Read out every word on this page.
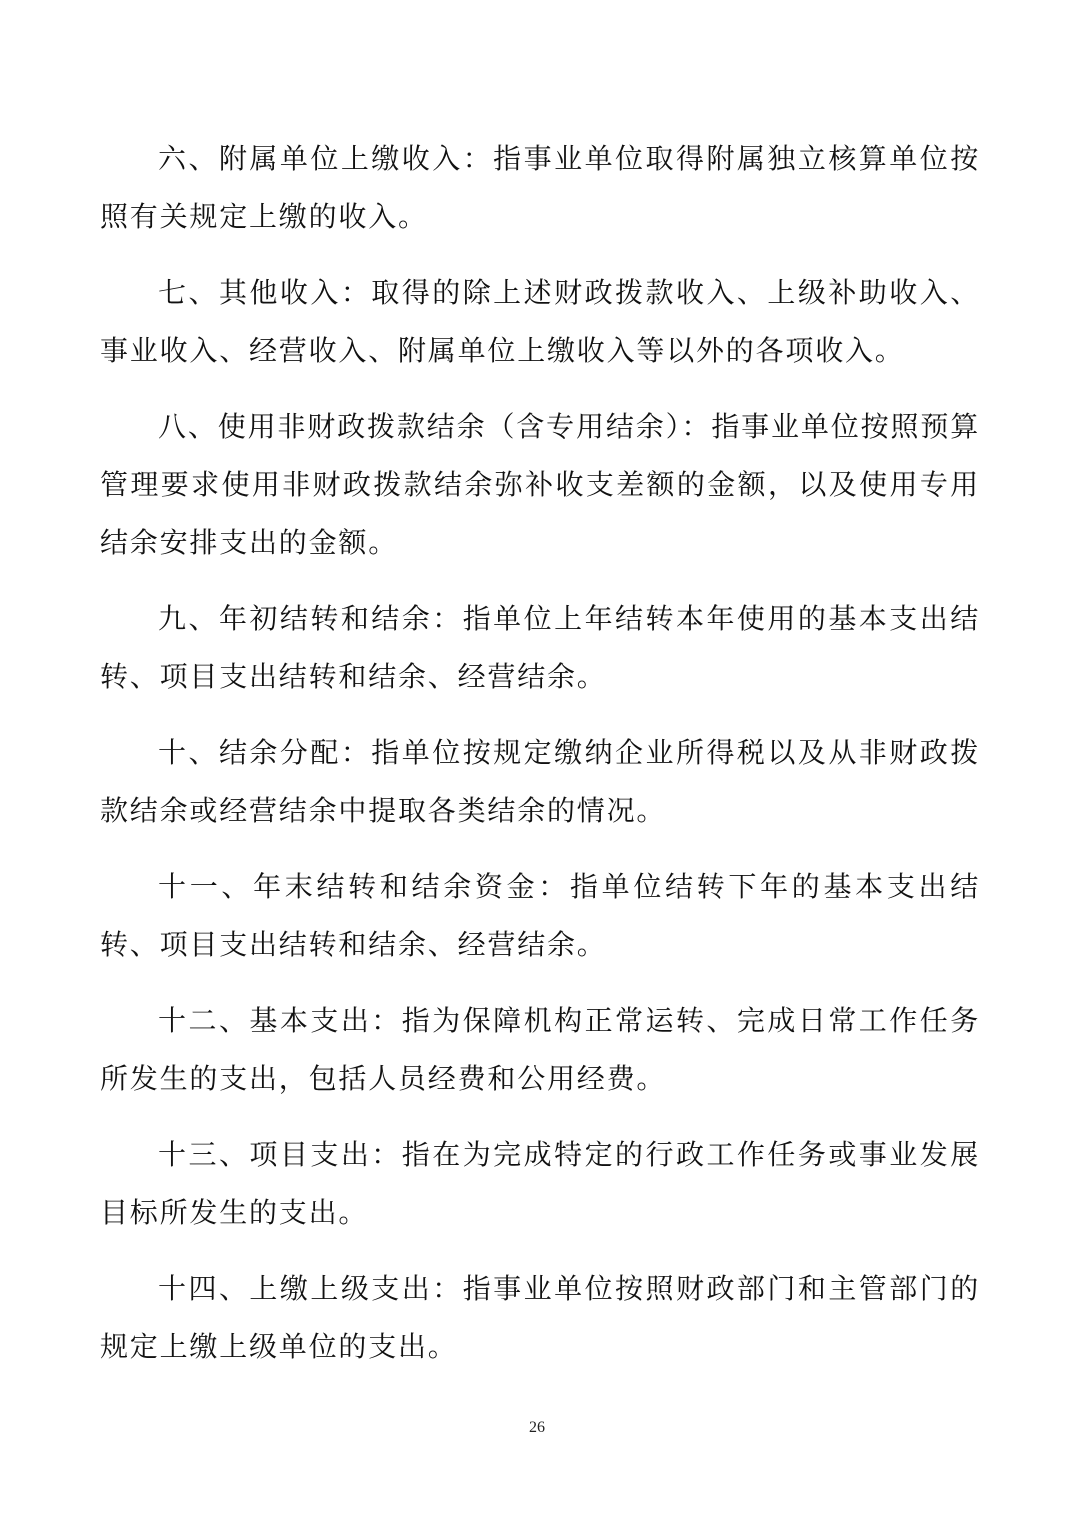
六、附属单位上缴收入：指事业单位取得附属独立核算单位按照有关规定上缴的收入。

七、其他收入：取得的除上述财政拨款收入、上级补助收入、事业收入、经营收入、附属单位上缴收入等以外的各项收入。

八、使用非财政拨款结余（含专用结余）：指事业单位按照预算管理要求使用非财政拨款结余弥补收支差额的金额，以及使用专用结余安排支出的金额。

九、年初结转和结余：指单位上年结转本年使用的基本支出结转、项目支出结转和结余、经营结余。

十、结余分配：指单位按规定缴纳企业所得税以及从非财政拨款结余或经营结余中提取各类结余的情况。

十一、年末结转和结余资金：指单位结转下年的基本支出结转、项目支出结转和结余、经营结余。

十二、基本支出：指为保障机构正常运转、完成日常工作任务所发生的支出，包括人员经费和公用经费。

十三、项目支出：指在为完成特定的行政工作任务或事业发展目标所发生的支出。

十四、上缴上级支出：指事业单位按照财政部门和主管部门的规定上缴上级单位的支出。

26
